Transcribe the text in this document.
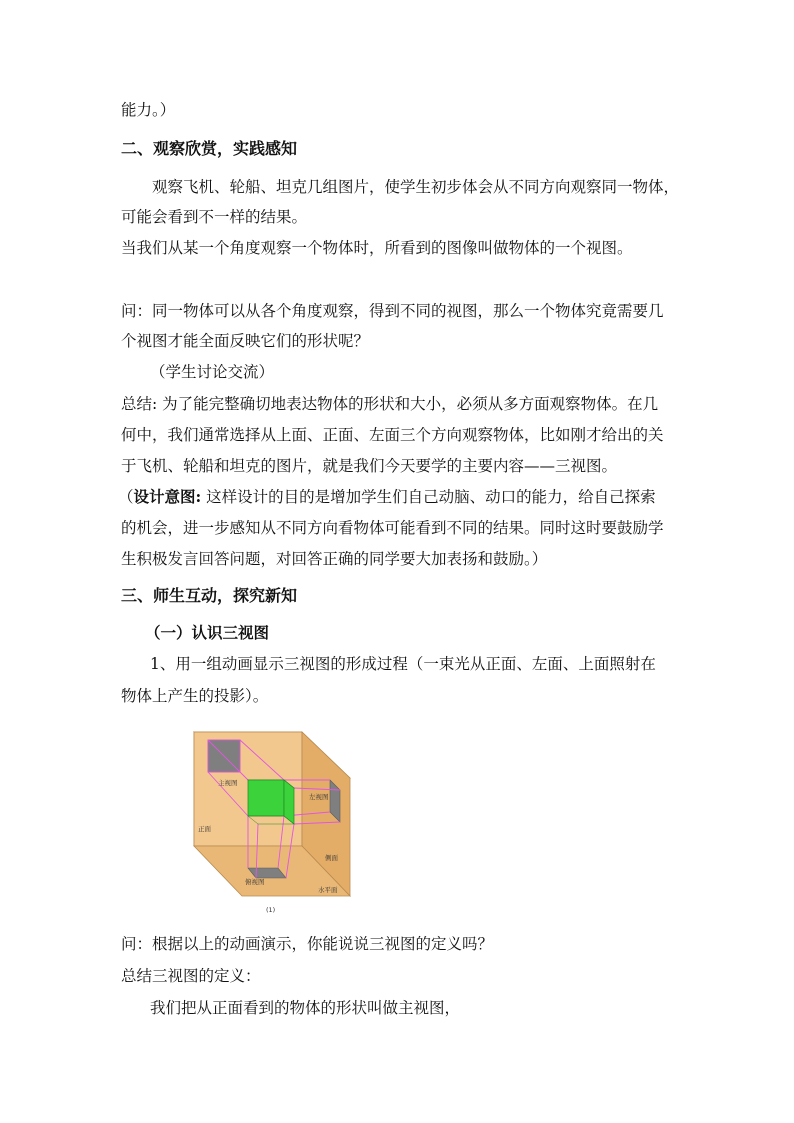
能力。）
二、观察欣赏，实践感知
观察飞机、轮船、坦克几组图片，使学生初步体会从不同方向观察同一物体，
可能会看到不一样的结果。
当我们从某一个角度观察一个物体时，所看到的图像叫做物体的一个视图。
问：同一物体可以从各个角度观察，得到不同的视图，那么一个物体究竟需要几
个视图才能全面反映它们的形状呢？
（学生讨论交流）
总结: 为了能完整确切地表达物体的形状和大小，必须从多方面观察物体。在几
何中，我们通常选择从上面、正面、左面三个方向观察物体，比如刚才给出的关
于飞机、轮船和坦克的图片，就是我们今天要学的主要内容——三视图。
（设计意图: 这样设计的目的是增加学生们自己动脑、动口的能力，给自己探索
的机会，进一步感知从不同方向看物体可能看到不同的结果。同时这时要鼓励学
生积极发言回答问题，对回答正确的同学要大加表扬和鼓励。）
三、师生互动，探究新知
（一）认识三视图
1、用一组动画显示三视图的形成过程（一束光从正面、左面、上面照射在
物体上产生的投影）。
主视图
左视图
正面
侧面
俯视图
水平面
(1)
问：根据以上的动画演示，你能说说三视图的定义吗？
总结三视图的定义：
我们把从正面看到的物体的形状叫做主视图，
